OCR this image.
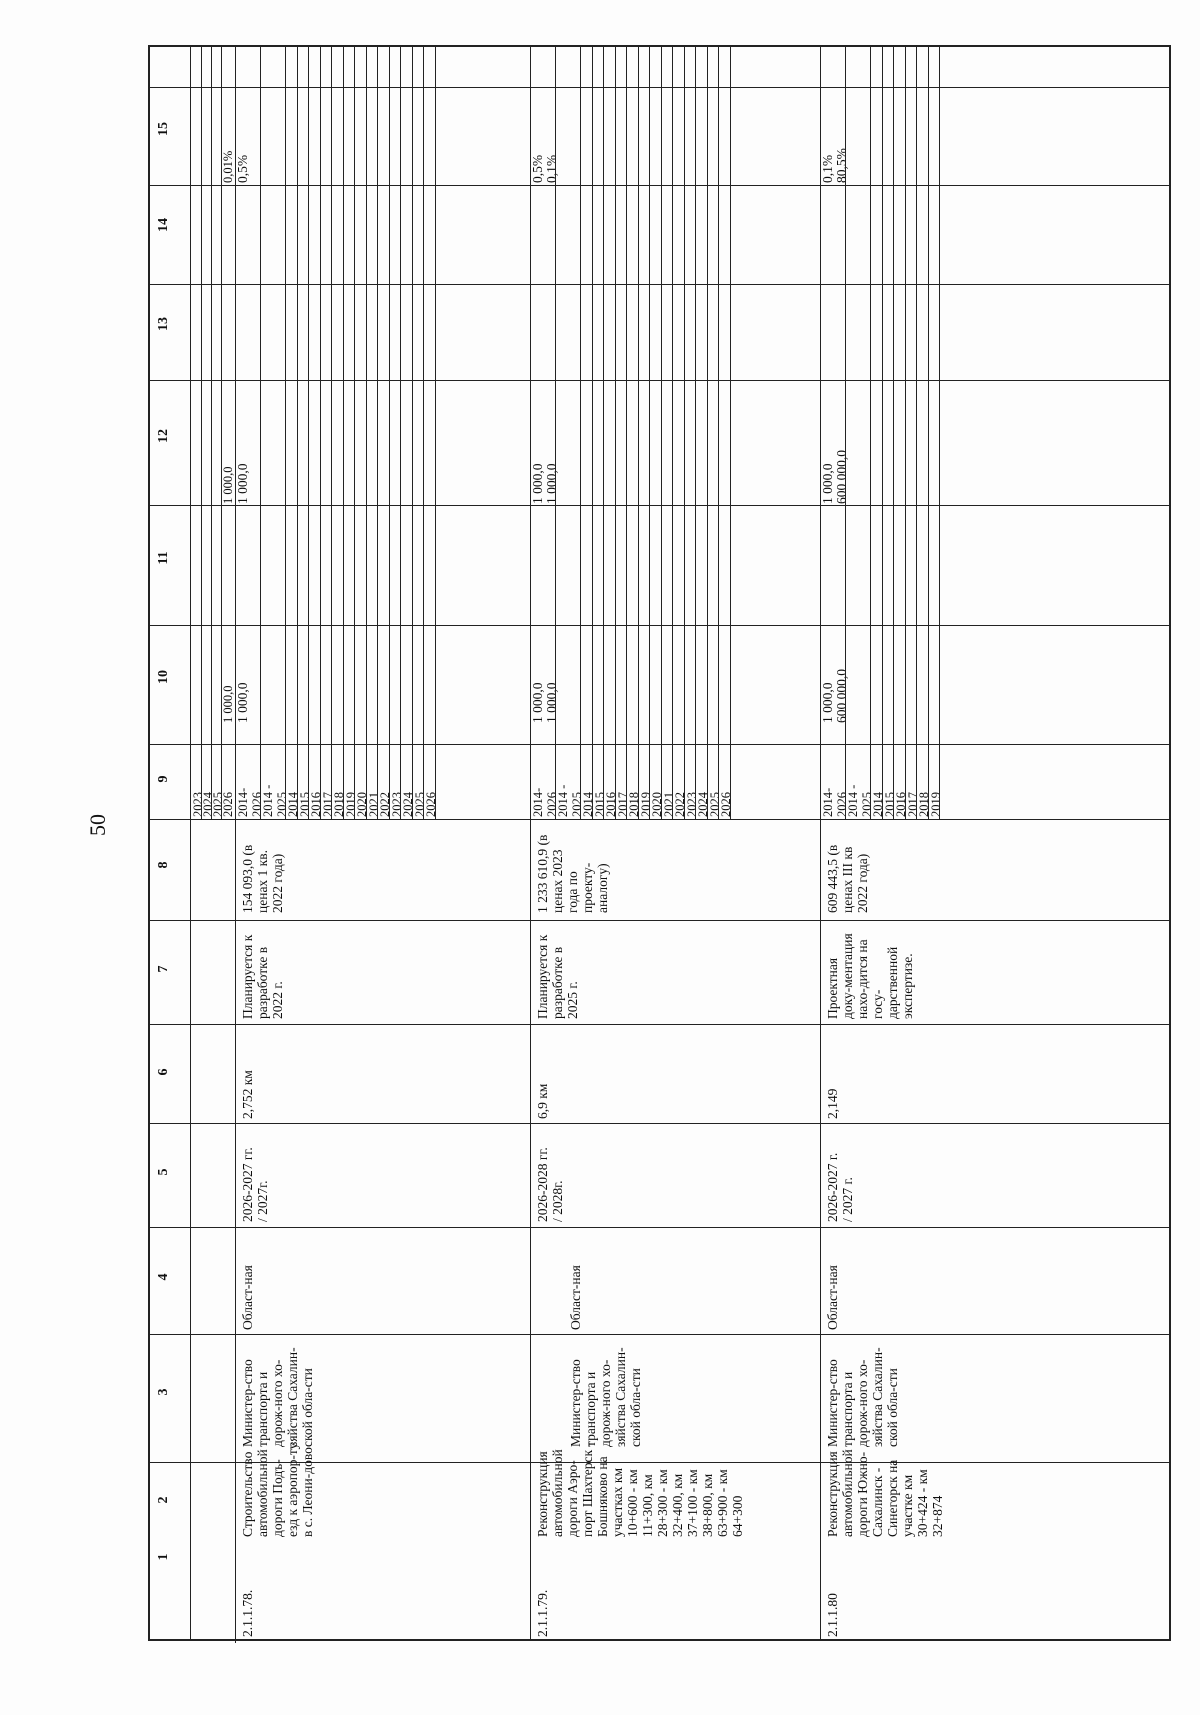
50
1
2
3
4
5
6
7
8
9
10
11
12
13
14
15
2023
2024
2025
2026
1 000,0
1 000,0
0,01%
2.1.1.78.
Строительство автомобильной дороги Подъ-езд к аэропор-ту в с. Леони-дово
Министер-ство транспорта и дорож-ного хо-зяйства Сахалин-ской обла-сти
Област-ная
2026-2027 гг.
/ 2027г.
2,752 км
Планируется к разработке в 2022 г.
154 093,0 (в ценах 1 кв. 2022 года)
1 000,0
1 000,0
0,5%
2.1.1.79.
Реконструкция автомобильной дороги Аэро-порт Шахтерск - Бошняково на участках км 10+600 - км 11+300, км 28+300 - км 32+400, км 37+100 - км 38+800, км 63+900 - км 64+300
Министер-ство транспорта и дорож-ного хо-зяйства Сахалин-ской обла-сти
Област-ная
2026-2028 гг.
/ 2028г.
6,9 км
Планируется к разработке в 2025 г.
1 233 610,9 (в ценах 2023 года по проекту-аналогу)
1 000,0 1 000,0
1 000,0 1 000,0
0,5% 0,1%
2.1.1.80
Реконструкция автомобильной дороги Южно-Сахалинск - Синегорск на участке км 30+424 - км 32+874
Министер-ство транспорта и дорож-ного хо-зяйства Сахалин-ской обла-сти
Област-ная
2026-2027 г.
/ 2027 г.
2,149
Проектная доку-ментация нахо-дится на госу-дарственной экспертизе.
609 443,5 (в ценах III кв 2022 года)
1 000,0 600 000,0
1 000,0 600 000,0
0,1% 80,5%
2014-
2026
2014 -
2025
2014
2015
2016
2017
2018
2019
2020
2021
2022
2023
2024
2025
2026	2014-
2026
2014 -
2025
2014
2015
2016
2017
2018
2019
2020
2021
2022
2023
2024
2025
2026	2014-
2026
2014 -
2025
2014
2015
2016
2017
2018
2019
